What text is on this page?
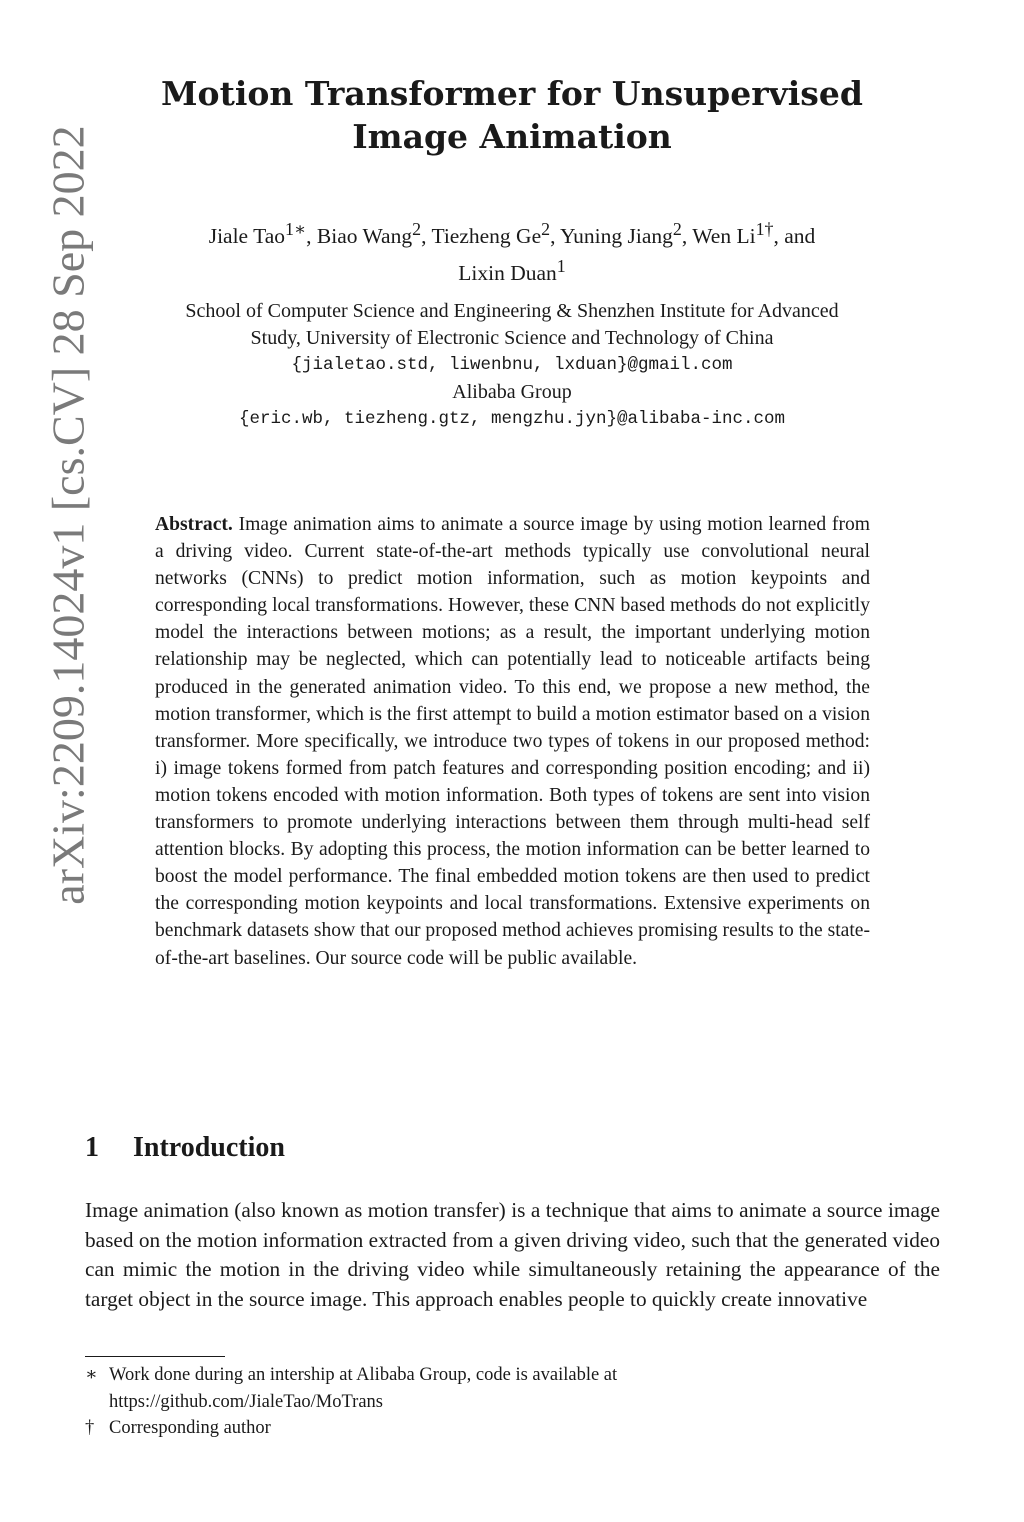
arXiv:2209.14024v1 [cs.CV] 28 Sep 2022
Motion Transformer for Unsupervised Image Animation
Jiale Tao$^{1∗}$, Biao Wang$^2$, Tiezheng Ge$^2$, Yuning Jiang$^2$, Wen $Li^{1\dagger}$, and
Lixin Duan$^1$
School of Computer Science and Engineering & Shenzhen Institute for Advanced
Study, University of Electronic Science and Technology of China
{jialetao.std, liwenbnu, lxduan}@gmail.com
Alibaba Group
{eric.wb, tiezheng.gtz, mengzhu.jyn}@alibaba-inc.com

Abstract. Image animation aims to animate a source image by using motion learned from a driving video. Current state-of-the-art methods typically use convolutional neural networks (CNNs) to predict motion information, such as motion keypoints and corresponding local transformations. However, these CNN based methods do not explicitly model the interactions between motions; as a result, the important underlying motion relationship may be neglected, which can potentially lead to noticeable artifacts being produced in the generated animation video. To this end, we propose a new method, the motion transformer, which is the first attempt to build a motion estimator based on a vision transformer. More specifically, we introduce two types of tokens in our proposed method: i) image tokens formed from patch features and corresponding position encoding; and ii) motion tokens encoded with motion information. Both types of tokens are sent into vision transformers to promote underlying interactions between them through multi-head self attention blocks. By adopting this process, the motion information can be better learned to boost the model performance. The final embedded motion tokens are then used to predict the corresponding motion keypoints and local transformations. Extensive experiments on benchmark datasets show that our proposed method achieves promising results to the state-of-the-art baselines. Our source code will be public available.

1 Introduction

Image animation (also known as motion transfer) is a technique that aims to animate a source image based on the motion information extracted from a given driving video, such that the generated video can mimic the motion in the driving video while simultaneously retaining the appearance of the target object in the source image. This approach enables people to quickly create innovative

∗ Work done during an intership at Alibaba Group, code is available at

https://github.com/JialeTao/MoTrans

† Corresponding author
